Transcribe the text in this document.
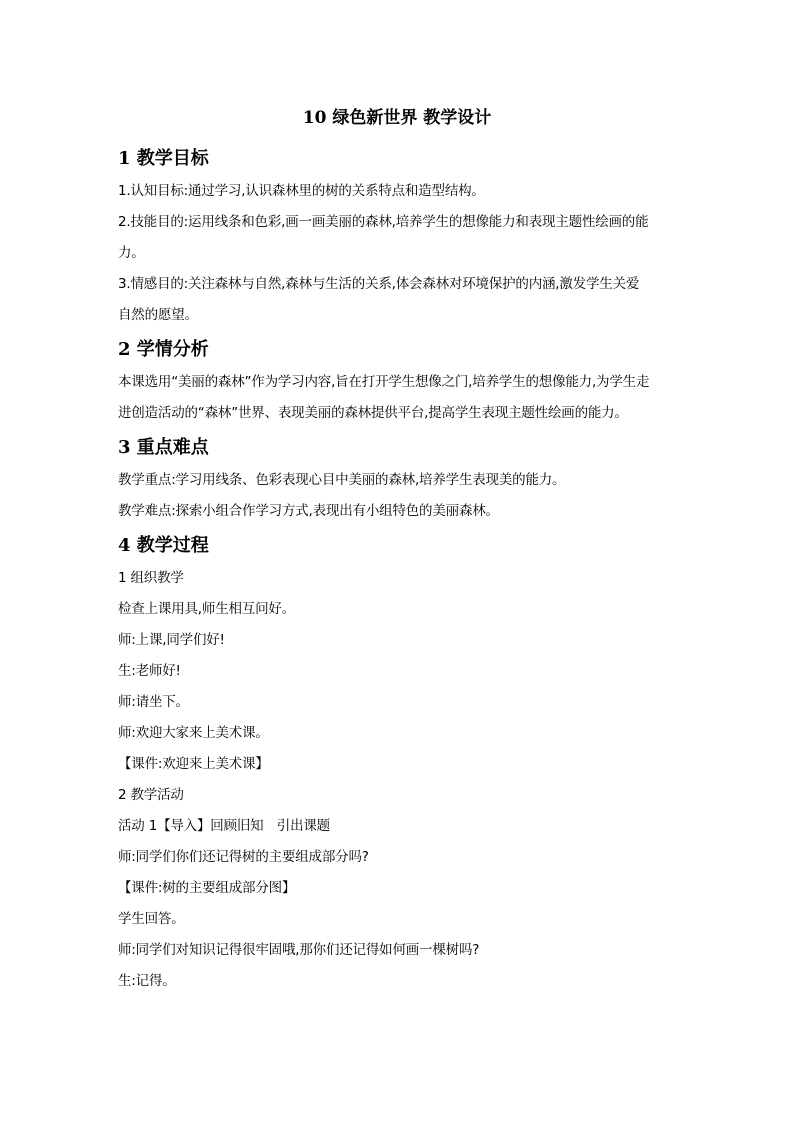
10 绿色新世界 教学设计
1 教学目标

1.认知目标:通过学习,认识森林里的树的关系特点和造型结构。

2.技能目的:运用线条和色彩,画一画美丽的森林,培养学生的想像能力和表现主题性绘画的能

力。

3.情感目的:关注森林与自然,森林与生活的关系,体会森林对环境保护的内涵,激发学生关爱

自然的愿望。

2 学情分析

本课选用“美丽的森林”作为学习内容,旨在打开学生想像之门,培养学生的想像能力,为学生走

进创造活动的“森林”世界、表现美丽的森林提供平台,提高学生表现主题性绘画的能力。

3 重点难点

教学重点:学习用线条、色彩表现心目中美丽的森林,培养学生表现美的能力。

教学难点:探索小组合作学习方式,表现出有小组特色的美丽森林。

4 教学过程

1 组织教学

检查上课用具,师生相互问好。

师:上课,同学们好!

生:老师好!

师:请坐下。

师:欢迎大家来上美术课。

【课件:欢迎来上美术课】

2 教学活动

活动 1【导入】回顾旧知　引出课题

师:同学们你们还记得树的主要组成部分吗?

【课件:树的主要组成部分图】

学生回答。

师:同学们对知识记得很牢固哦,那你们还记得如何画一棵树吗?

生:记得。
